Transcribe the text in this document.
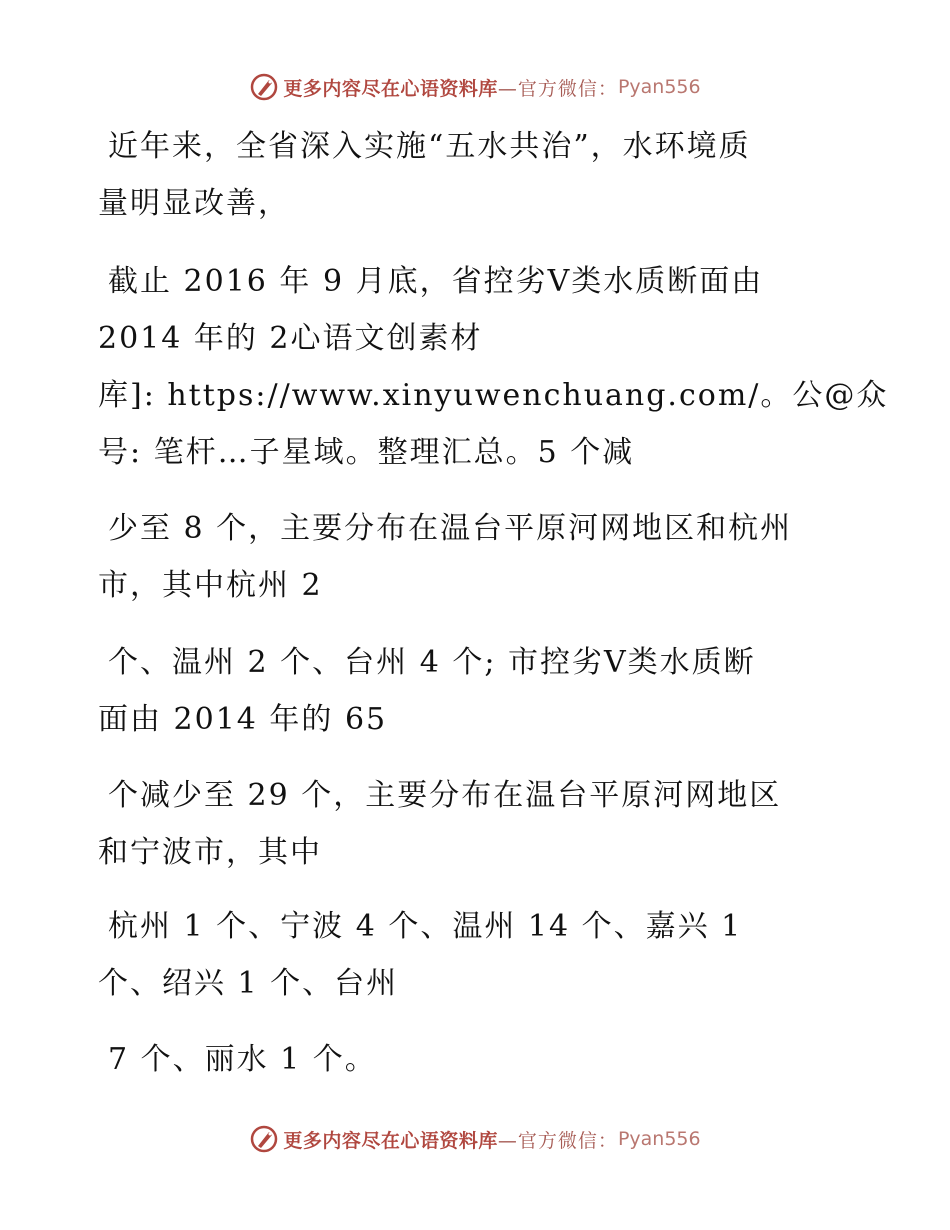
更多内容尽在心语资料库 —官方微信： Pyan556
近年来，全省深入实施“五水共治”，水环境质
量明显改善，
截止 2016 年 9 月底，省控劣Ⅴ类水质断面由
2014 年的 2心语文创素材
库]: https://www.xinyuwenchuang.com/。公@众
号: 笔杆…子星域。整理汇总。5 个减
少至 8 个，主要分布在温台平原河网地区和杭州
市，其中杭州 2
个、温州 2 个、台州 4 个; 市控劣Ⅴ类水质断
面由 2014 年的 65
个减少至 29 个，主要分布在温台平原河网地区
和宁波市，其中
杭州 1 个、宁波 4 个、温州 14 个、嘉兴 1
个、绍兴 1 个、台州
7 个、丽水 1 个。
更多内容尽在心语资料库 —官方微信： Pyan556
